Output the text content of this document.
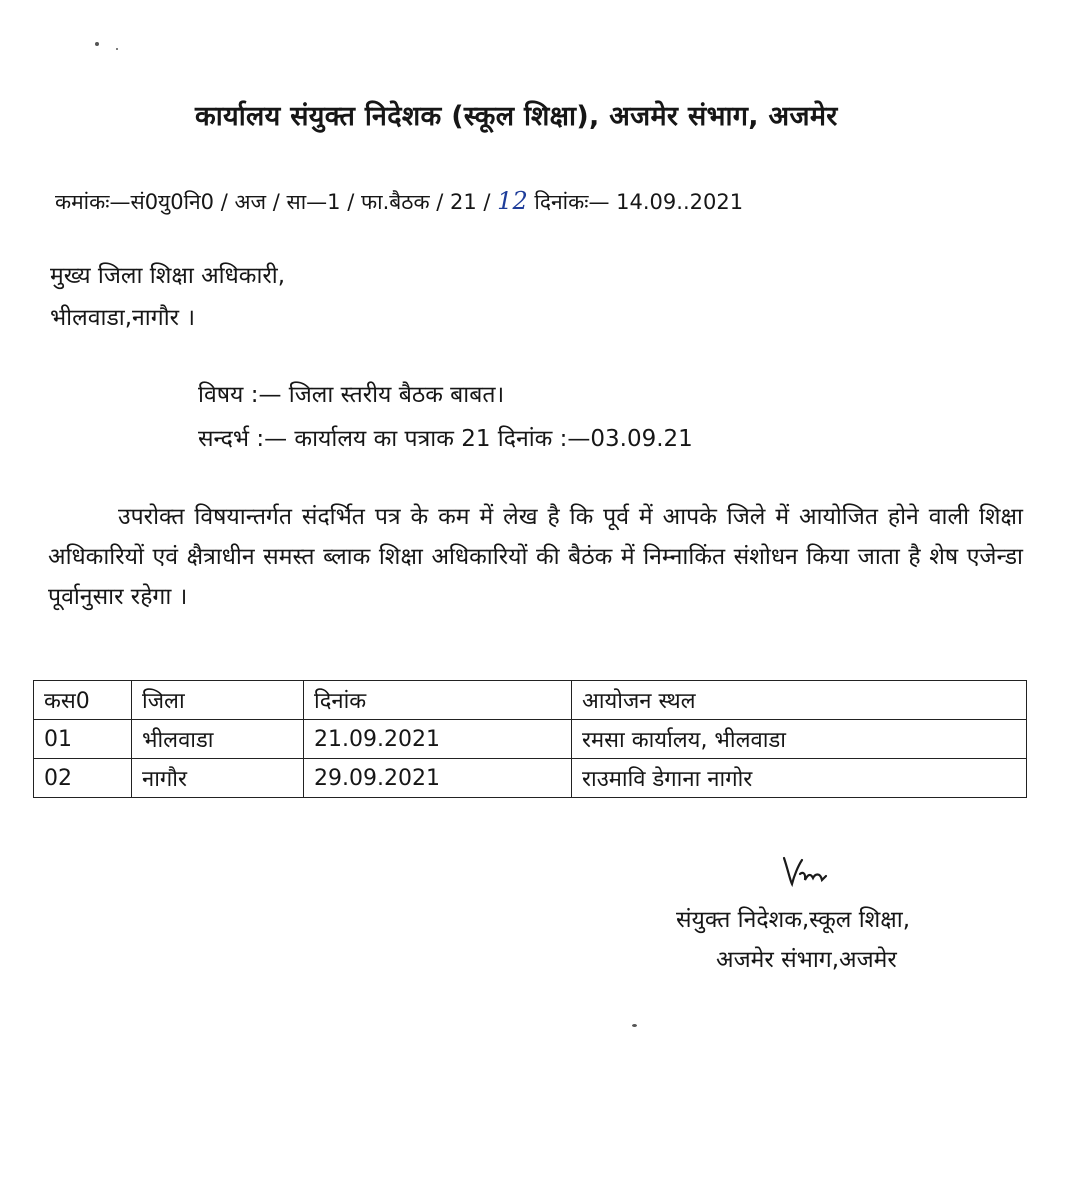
कार्यालय संयुक्त निदेशक (स्कूल शिक्षा), अजमेर संभाग, अजमेर
कमांकः—सं0यु0नि0 / अज / सा—1 / फा.बैठक / 21 / 12 दिनांकः— 14.09..2021
मुख्य जिला शिक्षा अधिकारी,
भीलवाडा,नागौर ।
विषय :— जिला स्तरीय बैठक बाबत।
सन्दर्भ :— कार्यालय का पत्राक 21 दिनांक :—03.09.21
उपरोक्त विषयान्तर्गत संदर्भित पत्र के कम में लेख है कि पूर्व में आपके जिले में आयोजित होने वाली शिक्षा अधिकारियों एवं क्षैत्राधीन समस्त ब्लाक शिक्षा अधिकारियों की बैठंक में निम्नाकिंत संशोधन किया जाता है शेष एजेन्डा पूर्वानुसार रहेगा ।
कस0	जिला	दिनांक	आयोजन स्थल
01	भीलवाडा	21.09.2021	रमसा कार्यालय, भीलवाडा
02	नागौर	29.09.2021	राउमावि डेगाना नागोर
संयुक्त निदेशक,स्कूल शिक्षा,
अजमेर संभाग,अजमेर
